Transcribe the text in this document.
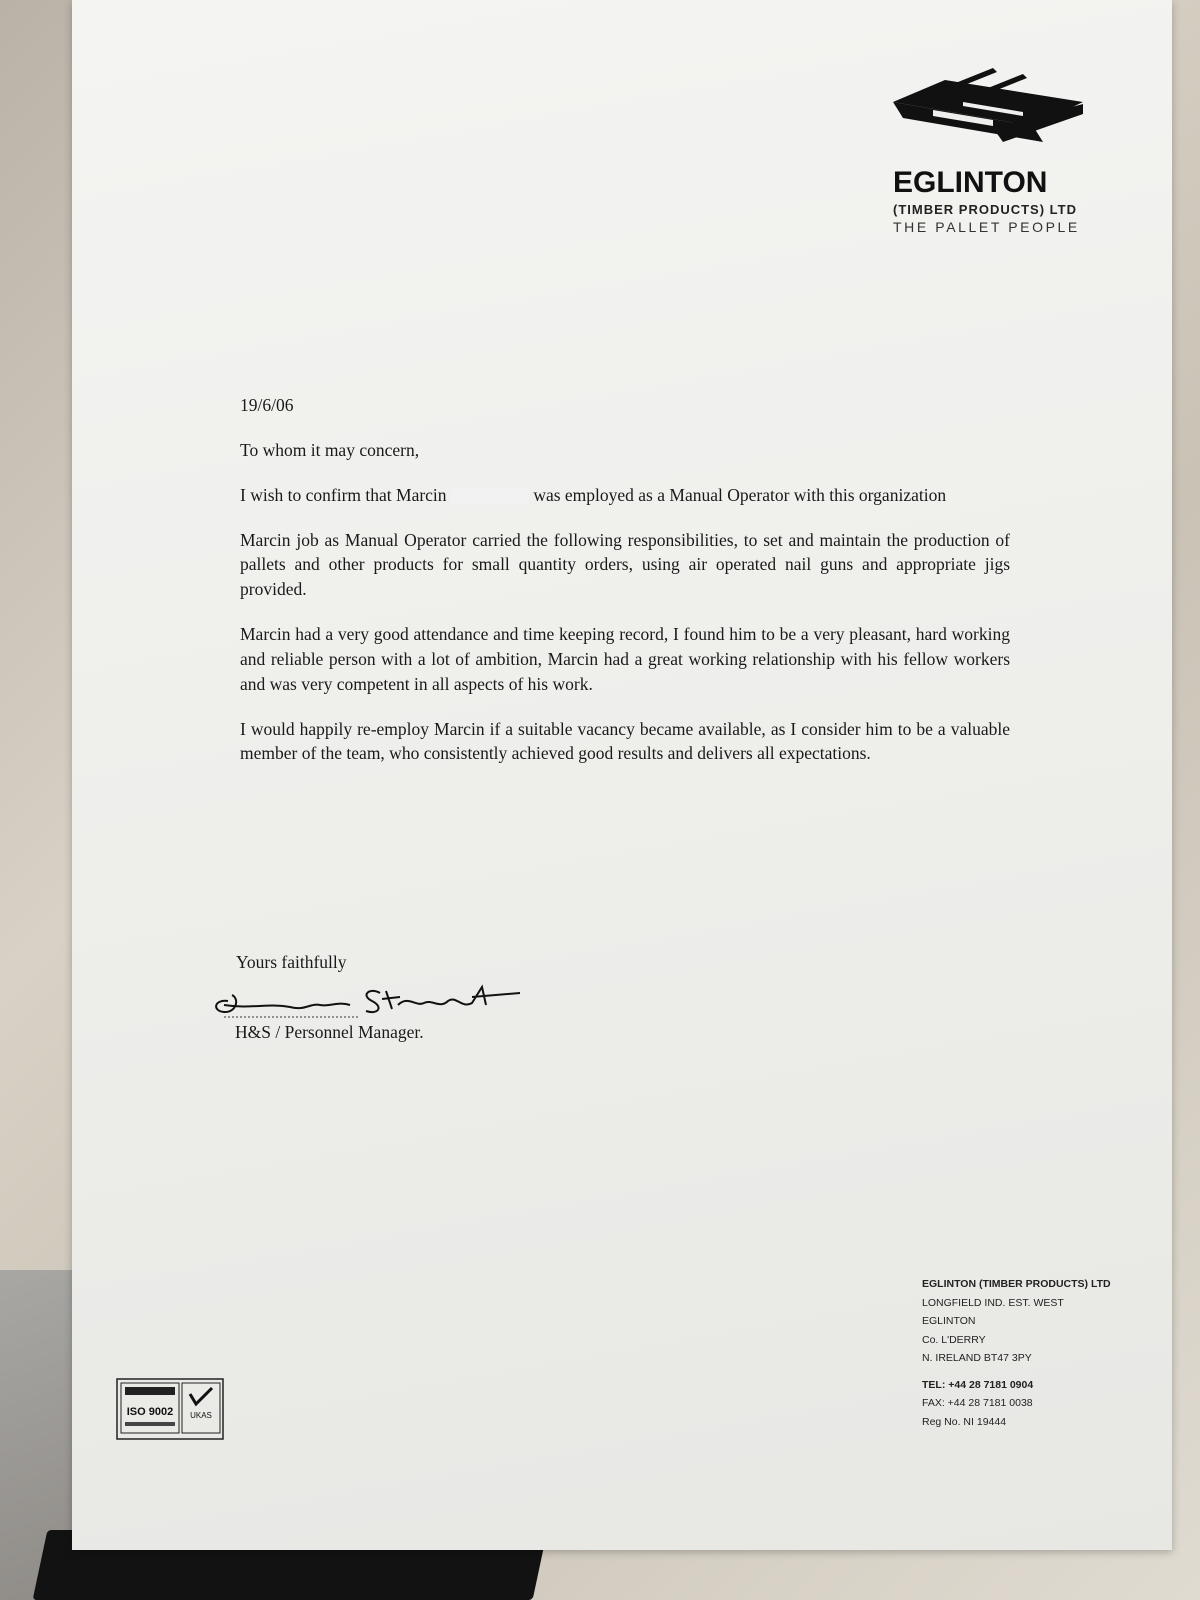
EGLINTON
(TIMBER PRODUCTS) LTD
THE PALLET PEOPLE

19/6/06

To whom it may concern,

I wish to confirm that Marcin	was employed as a Manual Operator with this organization

Marcin job as Manual Operator carried the following responsibilities, to set and maintain the production of pallets and other products for small quantity orders, using air operated nail guns and appropriate jigs provided.

Marcin had a very good attendance and time keeping record, I found him to be a very pleasant, hard working and reliable person with a lot of ambition, Marcin had a great working relationship with his fellow workers and was very competent in all aspects of his work.

I would happily re-employ Marcin if a suitable vacancy became available, as I consider him to be a valuable member of the team, who consistently achieved good results and delivers all expectations.

Yours faithfully
H&S / Personnel Manager.
EGLINTON (TIMBER PRODUCTS) LTD
LONGFIELD IND. EST. WEST
EGLINTON
Co. L'DERRY
N. IRELAND BT47 3PY
TEL: +44 28 7181 0904
FAX: +44 28 7181 0038
Reg No. NI 19444
ISO 9002 UKAS
